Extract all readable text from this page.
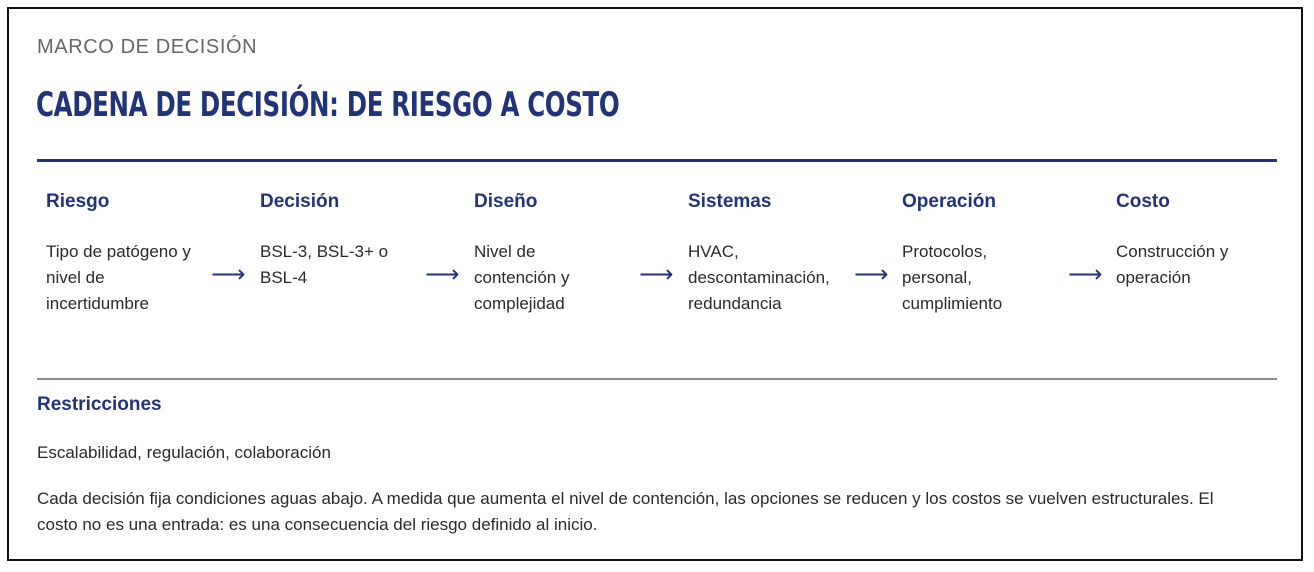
MARCO DE DECISIÓN
CADENA DE DECISIÓN: DE RIESGO A COSTO
Riesgo
Tipo de patógeno y nivel de incertidumbre
⟶
Decisión
BSL-3, BSL-3+ o BSL-4	⟶
Diseño
Nivel de contención y complejidad
⟶
Sistemas
HVAC, descontaminación, redundancia
⟶
Operación
Protocolos, personal, cumplimiento
⟶
Costo
Construcción y operación
Restricciones
Escalabilidad, regulación, colaboración
Cada decisión fija condiciones aguas abajo. A medida que aumenta el nivel de contención, las opciones se reducen y los costos se vuelven estructurales. El costo no es una entrada: es una consecuencia del riesgo definido al inicio.
